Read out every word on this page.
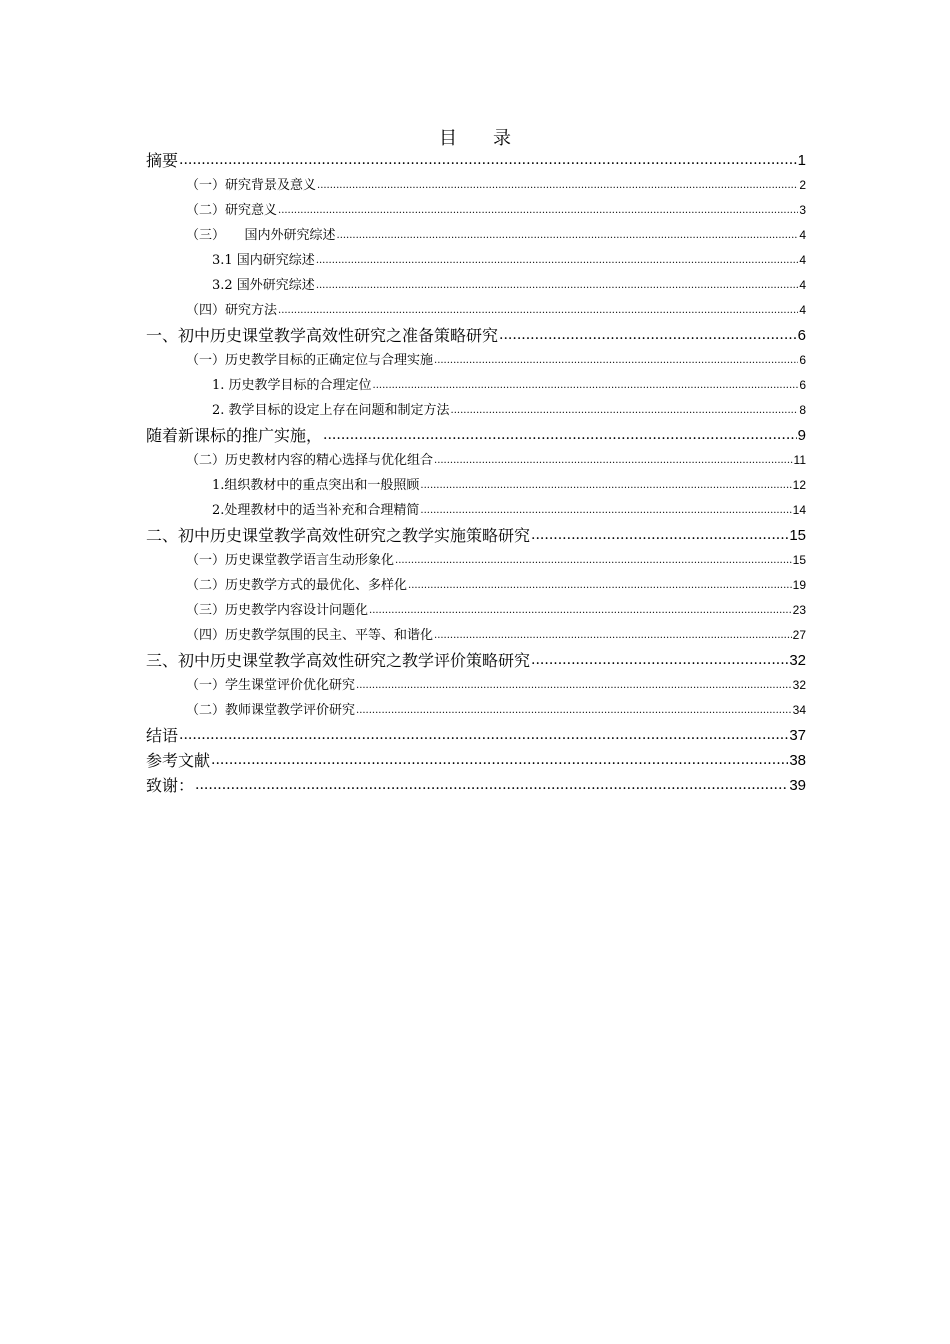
目　　录
摘要 .....	1
（一）研究背景及意义 .....	2
（二）研究意义 .....	3
（三）　　国内外研究综述 .....	4
3.1 国内研究综述 .....	4
3.2 国外研究综述 .....	4
（四）研究方法 .....	4
一、初中历史课堂教学高效性研究之准备策略研究 .....	6
（一）历史教学目标的正确定位与合理实施 .....	6
1. 历史教学目标的合理定位 .....	6
2. 教学目标的设定上存在问题和制定方法 .....	8
随着新课标的推广实施， .....	9
（二）历史教材内容的精心选择与优化组合 .....	11
1.组织教材中的重点突出和一般照顾 .....	12
2.处理教材中的适当补充和合理精简 .....	14
二、初中历史课堂教学高效性研究之教学实施策略研究 .....	15
（一）历史课堂教学语言生动形象化 .....	15
（二）历史教学方式的最优化、多样化 .....	19
（三）历史教学内容设计问题化 .....	23
（四）历史教学氛围的民主、平等、和谐化 .....	27
三、初中历史课堂教学高效性研究之教学评价策略研究 .....	32
（一）学生课堂评价优化研究 .....	32
（二）教师课堂教学评价研究 .....	34
结语 .....	37
参考文献 .....	38
致谢： .....	39
